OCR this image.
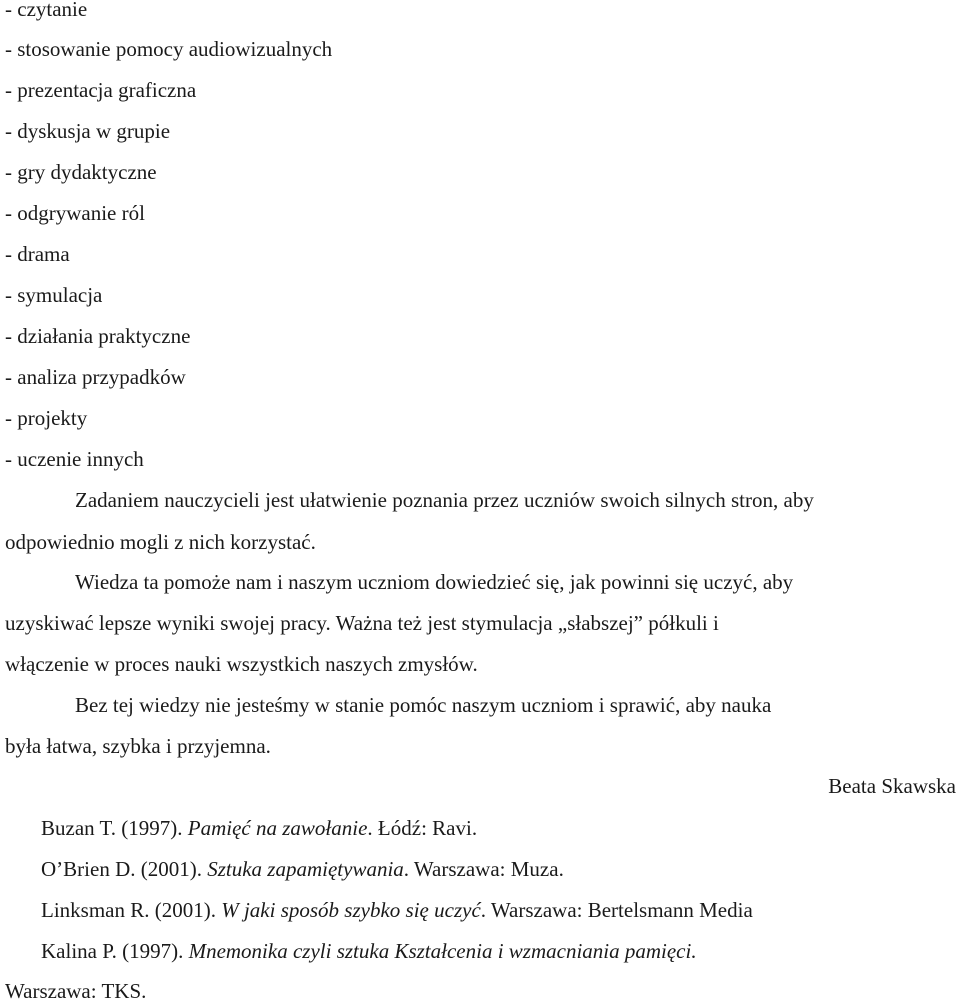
- czytanie
- stosowanie pomocy audiowizualnych
- prezentacja graficzna
- dyskusja w grupie
- gry dydaktyczne
- odgrywanie ról
- drama
- symulacja
- działania praktyczne
- analiza przypadków
- projekty
- uczenie innych
Zadaniem nauczycieli jest ułatwienie poznania przez uczniów swoich silnych stron, aby
odpowiednio mogli z nich korzystać.
Wiedza ta pomoże nam i naszym uczniom dowiedzieć się, jak powinni się uczyć, aby
uzyskiwać lepsze wyniki swojej pracy. Ważna też jest stymulacja „słabszej” półkuli i
włączenie w proces nauki wszystkich naszych zmysłów.
Bez tej wiedzy nie jesteśmy w stanie pomóc naszym uczniom i sprawić, aby nauka
była łatwa, szybka i przyjemna.
Beata Skawska
Buzan T. (1997). Pamięć na zawołanie. Łódź: Ravi.
O’Brien D. (2001). Sztuka zapamiętywania. Warszawa: Muza.
Linksman R. (2001). W jaki sposób szybko się uczyć. Warszawa: Bertelsmann Media
Kalina P. (1997). Mnemonika czyli sztuka Kształcenia i wzmacniania pamięci.
Warszawa: TKS.
